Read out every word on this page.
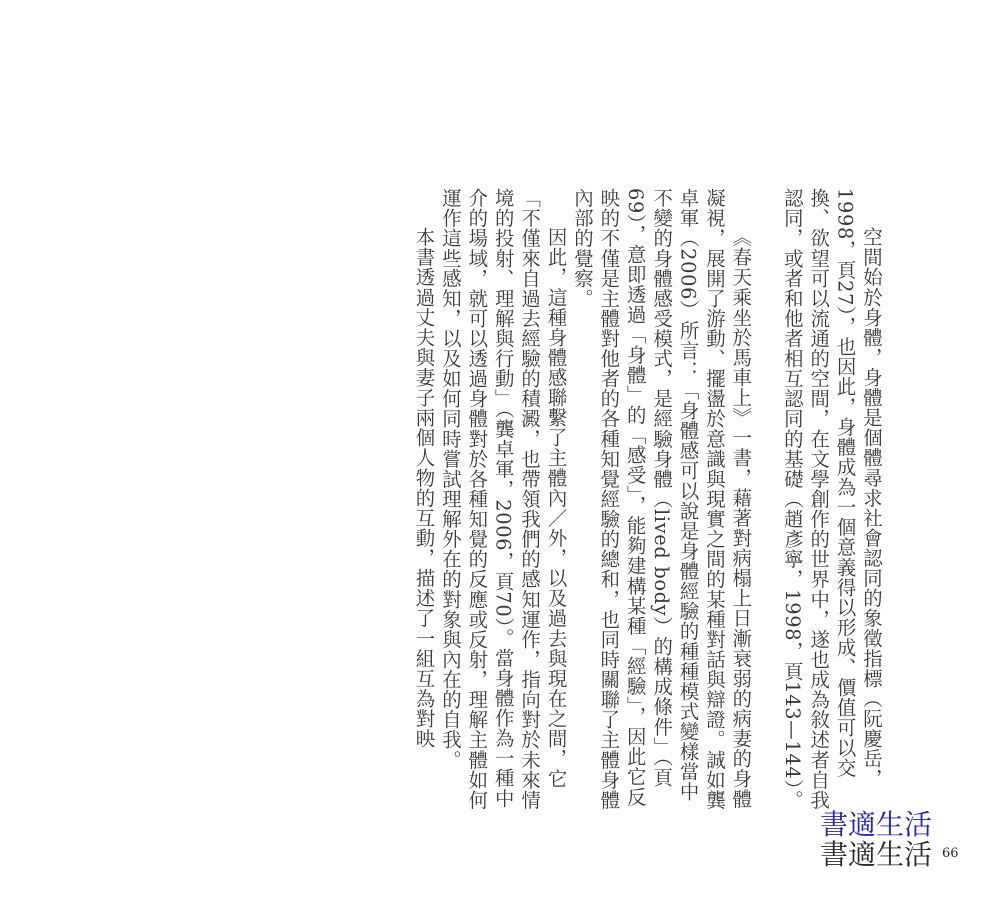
空間始於身體，身體是個體尋求社會認同的象徵指標（阮慶岳，1998，頁27），也因此，身體成為一個意義得以形成、價值可以交換、欲望可以流通的空間，在文學創作的世界中，遂也成為敘述者自我認同，或者和他者相互認同的基礎（趙彥寧，1998，頁143—144）。

《春天乘坐於馬車上》一書，藉著對病榻上日漸衰弱的病妻的身體凝視，展開了游動、擺盪於意識與現實之間的某種對話與辯證。誠如龔卓軍（2006）所言：「身體感可以說是身體經驗的種種模式變樣當中不變的身體感受模式，是經驗身體（lived body）的構成條件」（頁69），意即透過「身體」的「感受」，能夠建構某種「經驗」，因此它反映的不僅是主體對他者的各種知覺經驗的總和，也同時關聯了主體身體內部的覺察。

因此，這種身體感聯繫了主體內／外，以及過去與現在之間，它「不僅來自過去經驗的積澱，也帶領我們的感知運作，指向對於未來情境的投射、理解與行動」（龔卓軍，2006，頁70）。當身體作為一種中介的場域，就可以透過身體對於各種知覺的反應或反射，理解主體如何運作這些感知，以及如何同時嘗試理解外在的對象與內在的自我。

本書透過丈夫與妻子兩個人物的互動，描述了一組互為對映

書適生活
書適生活 66
